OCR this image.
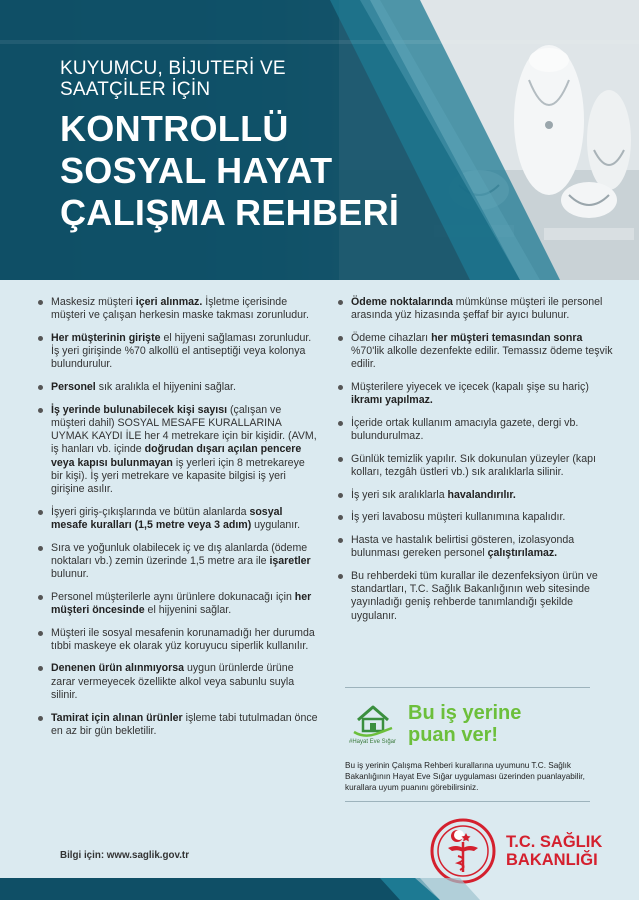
KUYUMCU, BİJUTERİ VE
SAATÇİLER İÇİN
KONTROLLÜ
SOSYAL HAYAT
ÇALIŞMA REHBERİ
Maskesiz müşteri içeri alınmaz. İşletme içerisinde müşteri ve çalışan herkesin maske takması zorunludur.
Her müşterinin girişte el hijyeni sağlaması zorunludur. İş yeri girişinde %70 alkollü el antiseptiği veya kolonya bulundurulur.
Personel sık aralıkla el hijyenini sağlar.
İş yerinde bulunabilecek kişi sayısı (çalışan ve müşteri dahil) SOSYAL MESAFE KURALLARINA UYMAK KAYDI İLE her 4 metrekare için bir kişidir. (AVM, iş hanları vb. içinde doğrudan dışarı açılan pencere veya kapısı bulunmayan iş yerleri için 8 metrekareye bir kişi). İş yeri metrekare ve kapasite bilgisi iş yeri girişine asılır.
İşyeri giriş-çıkışlarında ve bütün alanlarda sosyal mesafe kuralları (1,5 metre veya 3 adım) uygulanır.
Sıra ve yoğunluk olabilecek iç ve dış alanlarda (ödeme noktaları vb.) zemin üzerinde 1,5 metre ara ile işaretler bulunur.
Personel müşterilerle aynı ürünlere dokunacağı için her müşteri öncesinde el hijyenini sağlar.
Müşteri ile sosyal mesafenin korunamadığı her durumda tıbbi maskeye ek olarak yüz koruyucu siperlik kullanılır.
Denenen ürün alınmıyorsa uygun ürünlerde ürüne zarar vermeyecek özellikte alkol veya sabunlu suyla silinir.
Tamirat için alınan ürünler işleme tabi tutulmadan önce en az bir gün bekletilir.
Ödeme noktalarında mümkünse müşteri ile personel arasında yüz hizasında şeffaf bir ayıcı bulunur.
Ödeme cihazları her müşteri temasından sonra %70'lik alkolle dezenfekte edilir. Temassız ödeme teşvik edilir.
Müşterilere yiyecek ve içecek (kapalı şişe su hariç) ikramı yapılmaz.
İçeride ortak kullanım amacıyla gazete, dergi vb. bulundurulmaz.
Günlük temizlik yapılır. Sık dokunulan yüzeyler (kapı kolları, tezgâh üstleri vb.) sık aralıklarla silinir.
İş yeri sık aralıklarla havalandırılır.
İş yeri lavabosu müşteri kullanımına kapalıdır.
Hasta ve hastalık belirtisi gösteren, izolasyonda bulunması gereken personel çalıştırılamaz.
Bu rehberdeki tüm kurallar ile dezenfeksiyon ürün ve standartları, T.C. Sağlık Bakanlığının web sitesinde yayınladığı geniş rehberde tanımlandığı şekilde uygulanır.
#Hayat Eve Sığar
Bu iş yerine
puan ver!
Bu iş yerinin Çalışma Rehberi kurallarına uyumunu T.C. Sağlık Bakanlığının Hayat Eve Sığar uygulaması üzerinden puanlayabilir, kurallara uyum puanını görebilirsiniz.
Bilgi için: www.saglik.gov.tr
T.C. SAĞLIK
BAKANLIĞI
